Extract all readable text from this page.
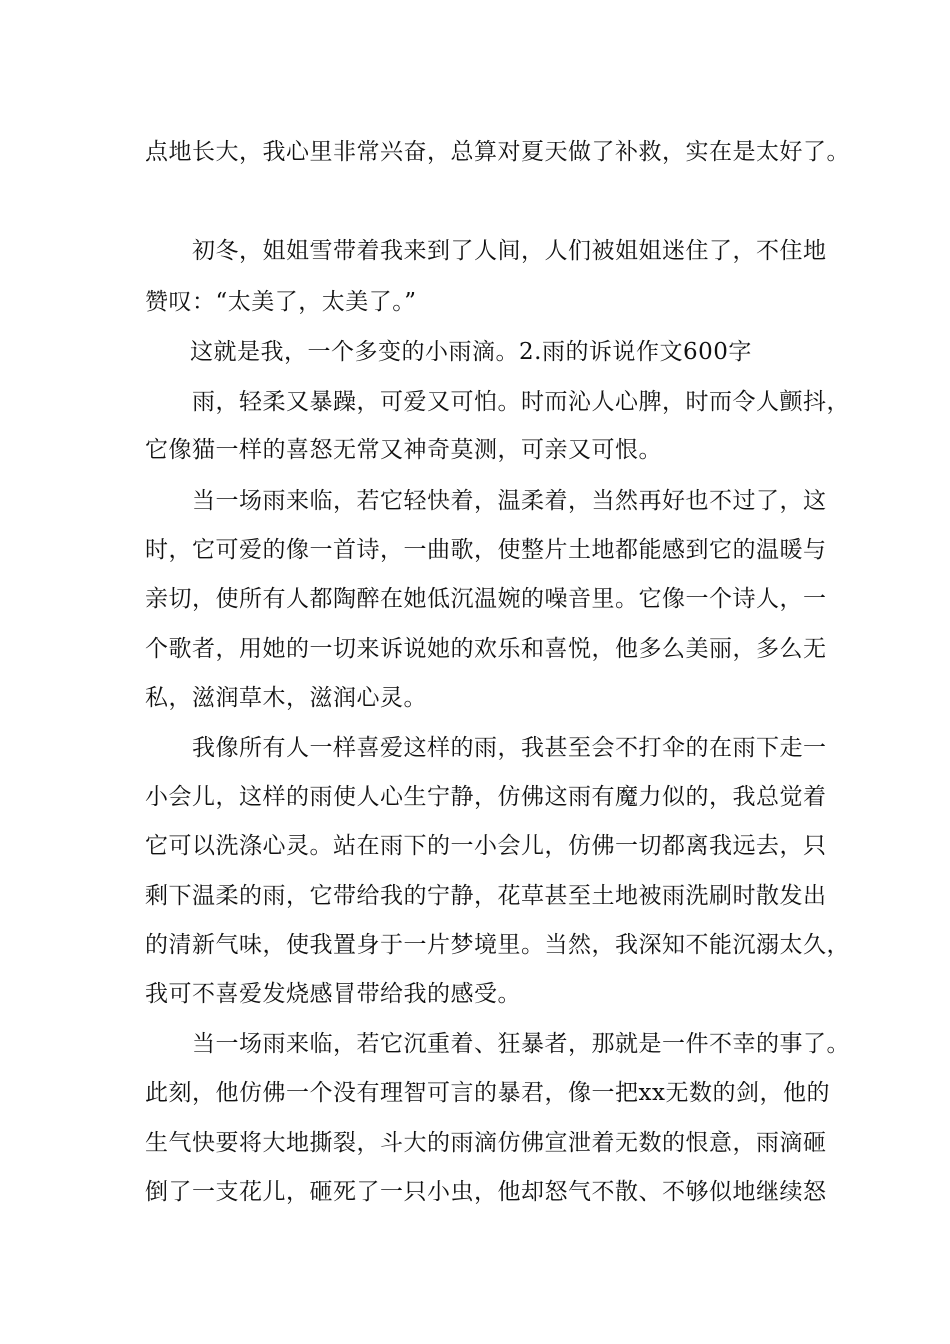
点地长大，我心里非常兴奋，总算对夏天做了补救，实在是太好了。
初冬，姐姐雪带着我来到了人间，人们被姐姐迷住了，不住地
赞叹：“太美了，太美了。”
这就是我，一个多变的小雨滴。2.雨的诉说作文600字
雨，轻柔又暴躁，可爱又可怕。时而沁人心脾，时而令人颤抖，
它像猫一样的喜怒无常又神奇莫测，可亲又可恨。
当一场雨来临，若它轻快着，温柔着，当然再好也不过了，这
时，它可爱的像一首诗，一曲歌，使整片土地都能感到它的温暖与
亲切，使所有人都陶醉在她低沉温婉的噪音里。它像一个诗人，一
个歌者，用她的一切来诉说她的欢乐和喜悦，他多么美丽，多么无
私，滋润草木，滋润心灵。
我像所有人一样喜爱这样的雨，我甚至会不打伞的在雨下走一
小会儿，这样的雨使人心生宁静，仿佛这雨有魔力似的，我总觉着
它可以洗涤心灵。站在雨下的一小会儿，仿佛一切都离我远去，只
剩下温柔的雨，它带给我的宁静，花草甚至土地被雨洗刷时散发出
的清新气味，使我置身于一片梦境里。当然，我深知不能沉溺太久，
我可不喜爱发烧感冒带给我的感受。
当一场雨来临，若它沉重着、狂暴者，那就是一件不幸的事了。
此刻，他仿佛一个没有理智可言的暴君，像一把xx无数的剑，他的
生气快要将大地撕裂，斗大的雨滴仿佛宣泄着无数的恨意，雨滴砸
倒了一支花儿，砸死了一只小虫，他却怒气不散、不够似地继续怒
